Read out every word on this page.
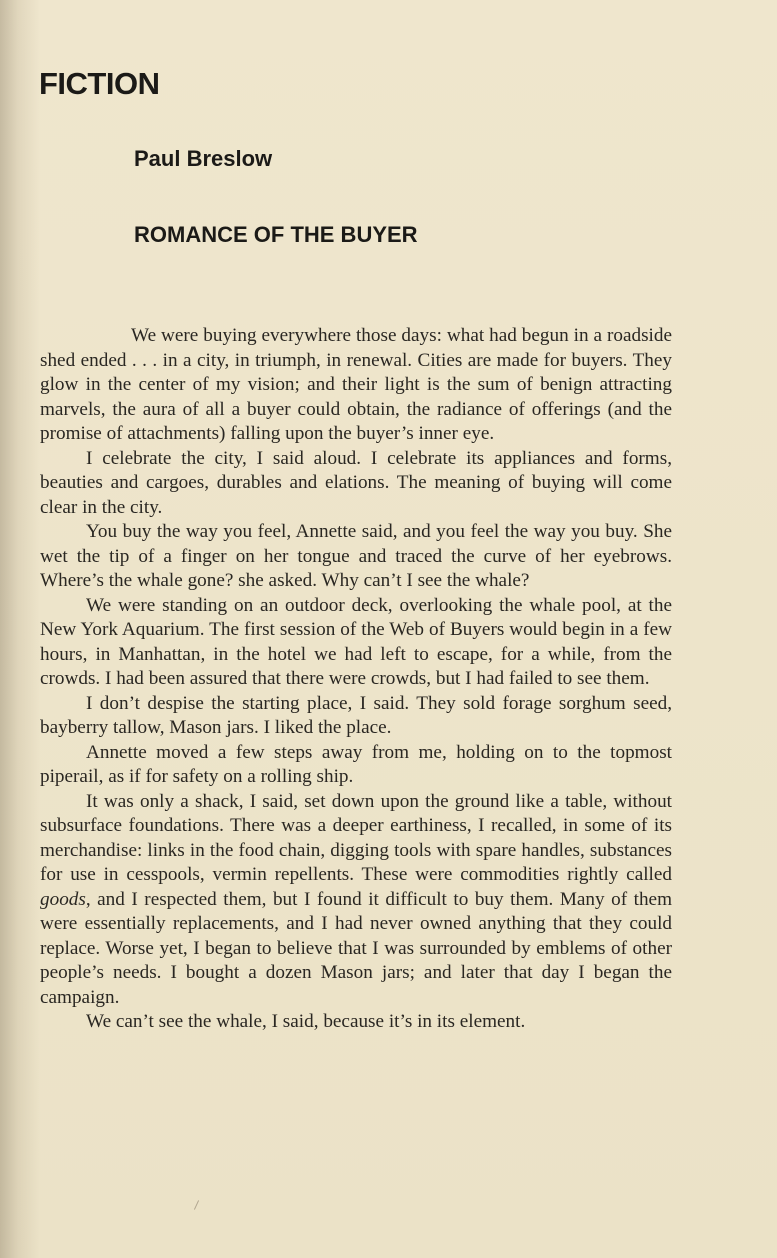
FICTION
Paul Breslow
ROMANCE OF THE BUYER

We were buying everywhere those days: what had begun in a roadside shed ended . . . in a city, in triumph, in renewal. Cities are made for buyers. They glow in the center of my vision; and their light is the sum of benign attracting marvels, the aura of all a buyer could obtain, the radiance of offerings (and the promise of attachments) falling upon the buyer’s inner eye.

I celebrate the city, I said aloud. I celebrate its appliances and forms, beauties and cargoes, durables and elations. The meaning of buying will come clear in the city.

You buy the way you feel, Annette said, and you feel the way you buy. She wet the tip of a finger on her tongue and traced the curve of her eyebrows. Where’s the whale gone? she asked. Why can’t I see the whale?

We were standing on an outdoor deck, overlooking the whale pool, at the New York Aquarium. The first session of the Web of Buyers would begin in a few hours, in Manhattan, in the hotel we had left to escape, for a while, from the crowds. I had been assured that there were crowds, but I had failed to see them.

I don’t despise the starting place, I said. They sold forage sorghum seed, bayberry tallow, Mason jars. I liked the place.

Annette moved a few steps away from me, holding on to the topmost piperail, as if for safety on a rolling ship.

It was only a shack, I said, set down upon the ground like a table, without subsurface foundations. There was a deeper earthiness, I recalled, in some of its merchandise: links in the food chain, digging tools with spare handles, substances for use in cesspools, vermin repellents. These were commodities rightly called goods, and I respected them, but I found it difficult to buy them. Many of them were essentially replacements, and I had never owned anything that they could replace. Worse yet, I began to believe that I was surrounded by emblems of other people’s needs. I bought a dozen Mason jars; and later that day I began the campaign.

We can’t see the whale, I said, because it’s in its element.
